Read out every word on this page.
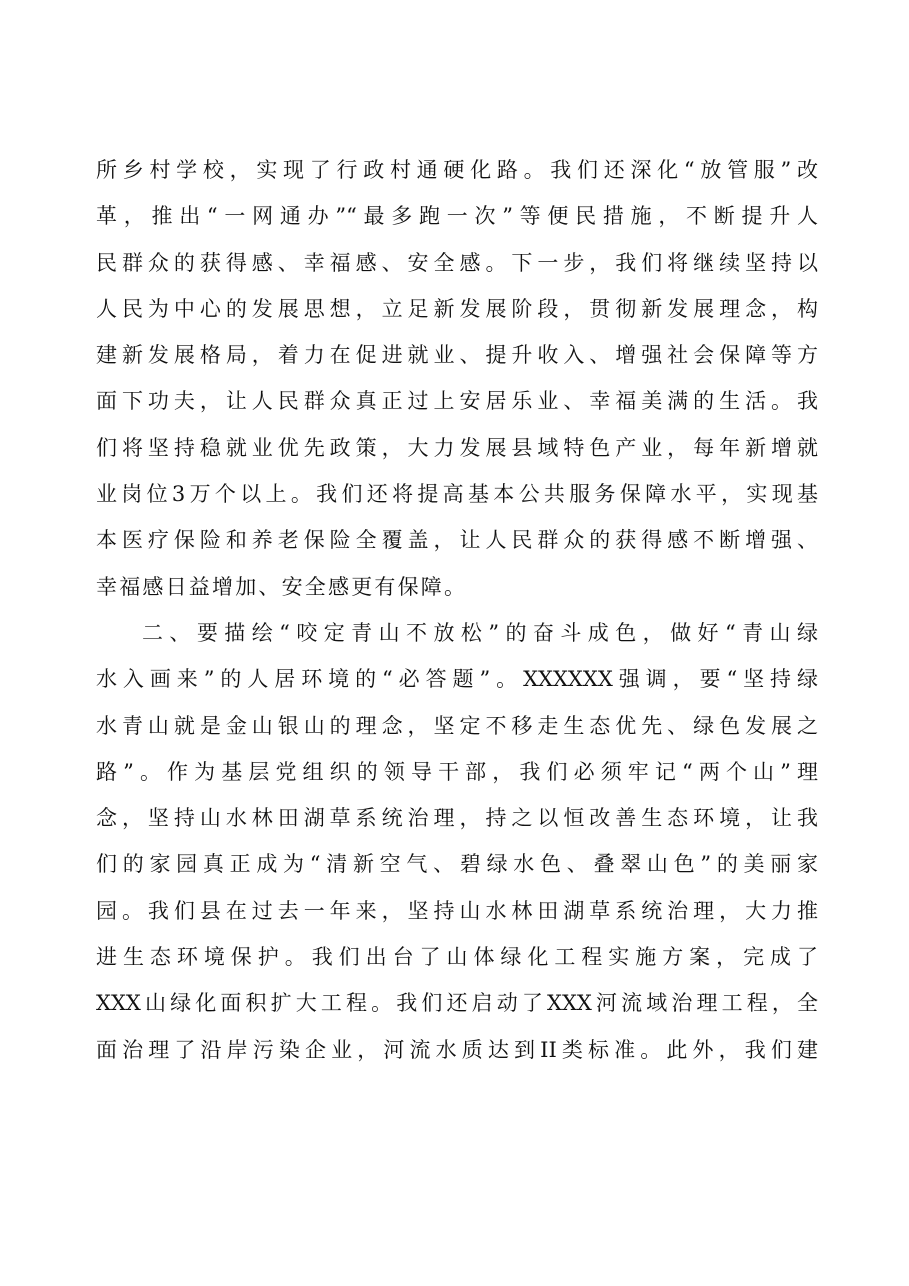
所乡村学校，实现了行政村通硬化路。我们还深化“放管服”改
革，推出“一网通办”“最多跑一次”等便民措施，不断提升人
民群众的获得感、幸福感、安全感。下一步，我们将继续坚持以
人民为中心的发展思想，立足新发展阶段，贯彻新发展理念，构
建新发展格局，着力在促进就业、提升收入、增强社会保障等方
面下功夫，让人民群众真正过上安居乐业、幸福美满的生活。我
们将坚持稳就业优先政策，大力发展县域特色产业，每年新增就
业岗位3万个以上。我们还将提高基本公共服务保障水平，实现基
本医疗保险和养老保险全覆盖，让人民群众的获得感不断增强、
幸福感日益增加、安全感更有保障。
二、要描绘“咬定青山不放松”的奋斗成色，做好“青山绿
水入画来”的人居环境的“必答题”。XXXXXX强调，要“坚持绿
水青山就是金山银山的理念，坚定不移走生态优先、绿色发展之
路”。作为基层党组织的领导干部，我们必须牢记“两个山”理
念，坚持山水林田湖草系统治理，持之以恒改善生态环境，让我
们的家园真正成为“清新空气、碧绿水色、叠翠山色”的美丽家
园。我们县在过去一年来，坚持山水林田湖草系统治理，大力推
进生态环境保护。我们出台了山体绿化工程实施方案，完成了
XXX山绿化面积扩大工程。我们还启动了XXX河流域治理工程，全
面治理了沿岸污染企业，河流水质达到II类标准。此外，我们建
